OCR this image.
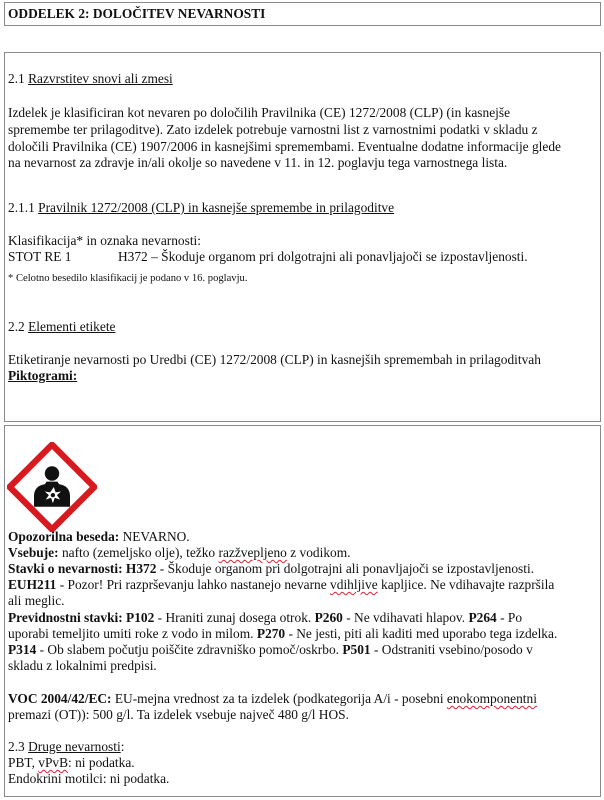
ODDELEK 2: DOLOČITEV NEVARNOSTI
2.1 Razvrstitev snovi ali zmesi
Izdelek je klasificiran kot nevaren po določilih Pravilnika (CE) 1272/2008 (CLP) (in kasnejše
spremembe ter prilagoditve). Zato izdelek potrebuje varnostni list z varnostnimi podatki v skladu z
določili Pravilnika (CE) 1907/2006 in kasnejšimi spremembami. Eventualne dodatne informacije glede
na nevarnost za zdravje in/ali okolje so navedene v 11. in 12. poglavju tega varnostnega lista.
2.1.1 Pravilnik 1272/2008 (CLP) in kasnejše spremembe in prilagoditve
Klasifikacija* in oznaka nevarnosti:
STOT RE 1	H372 – Škoduje organom pri dolgotrajni ali ponavljajoči se izpostavljenosti.
* Celotno besedilo klasifikacij je podano v 16. poglavju.
2.2 Elementi etikete
Etiketiranje nevarnosti po Uredbi (CE) 1272/2008 (CLP) in kasnejših spremembah in prilagoditvah
Piktogrami:
Opozorilna beseda: NEVARNO.
Vsebuje: nafto (zemeljsko olje), težko razžveplјeno z vodikom.
Stavki o nevarnosti: H372 - Škoduje organom pri dolgotrajni ali ponavljajoči se izpostavljenosti.
EUH211 - Pozor! Pri razprševanju lahko nastanejo nevarne vdihljive kapljice. Ne vdihavajte razpršila
ali meglic.
Previdnostni stavki: P102 - Hraniti zunaj dosega otrok. P260 - Ne vdihavati hlapov. P264 - Po
uporabi temeljito umiti roke z vodo in milom. P270 - Ne jesti, piti ali kaditi med uporabo tega izdelka.
P314 - Ob slabem počutju poiščite zdravniško pomoč/oskrbo. P501 - Odstraniti vsebino/posodo v
skladu z lokalnimi predpisi.
VOC 2004/42/EC: EU-mejna vrednost za ta izdelek (podkategorija A/i - posebni enokomponentni
premazi (OT)): 500 g/l. Ta izdelek vsebuje največ 480 g/l HOS.
2.3 Druge nevarnosti:
PBT, vPvB: ni podatka.
Endokrini motilci: ni podatka.
